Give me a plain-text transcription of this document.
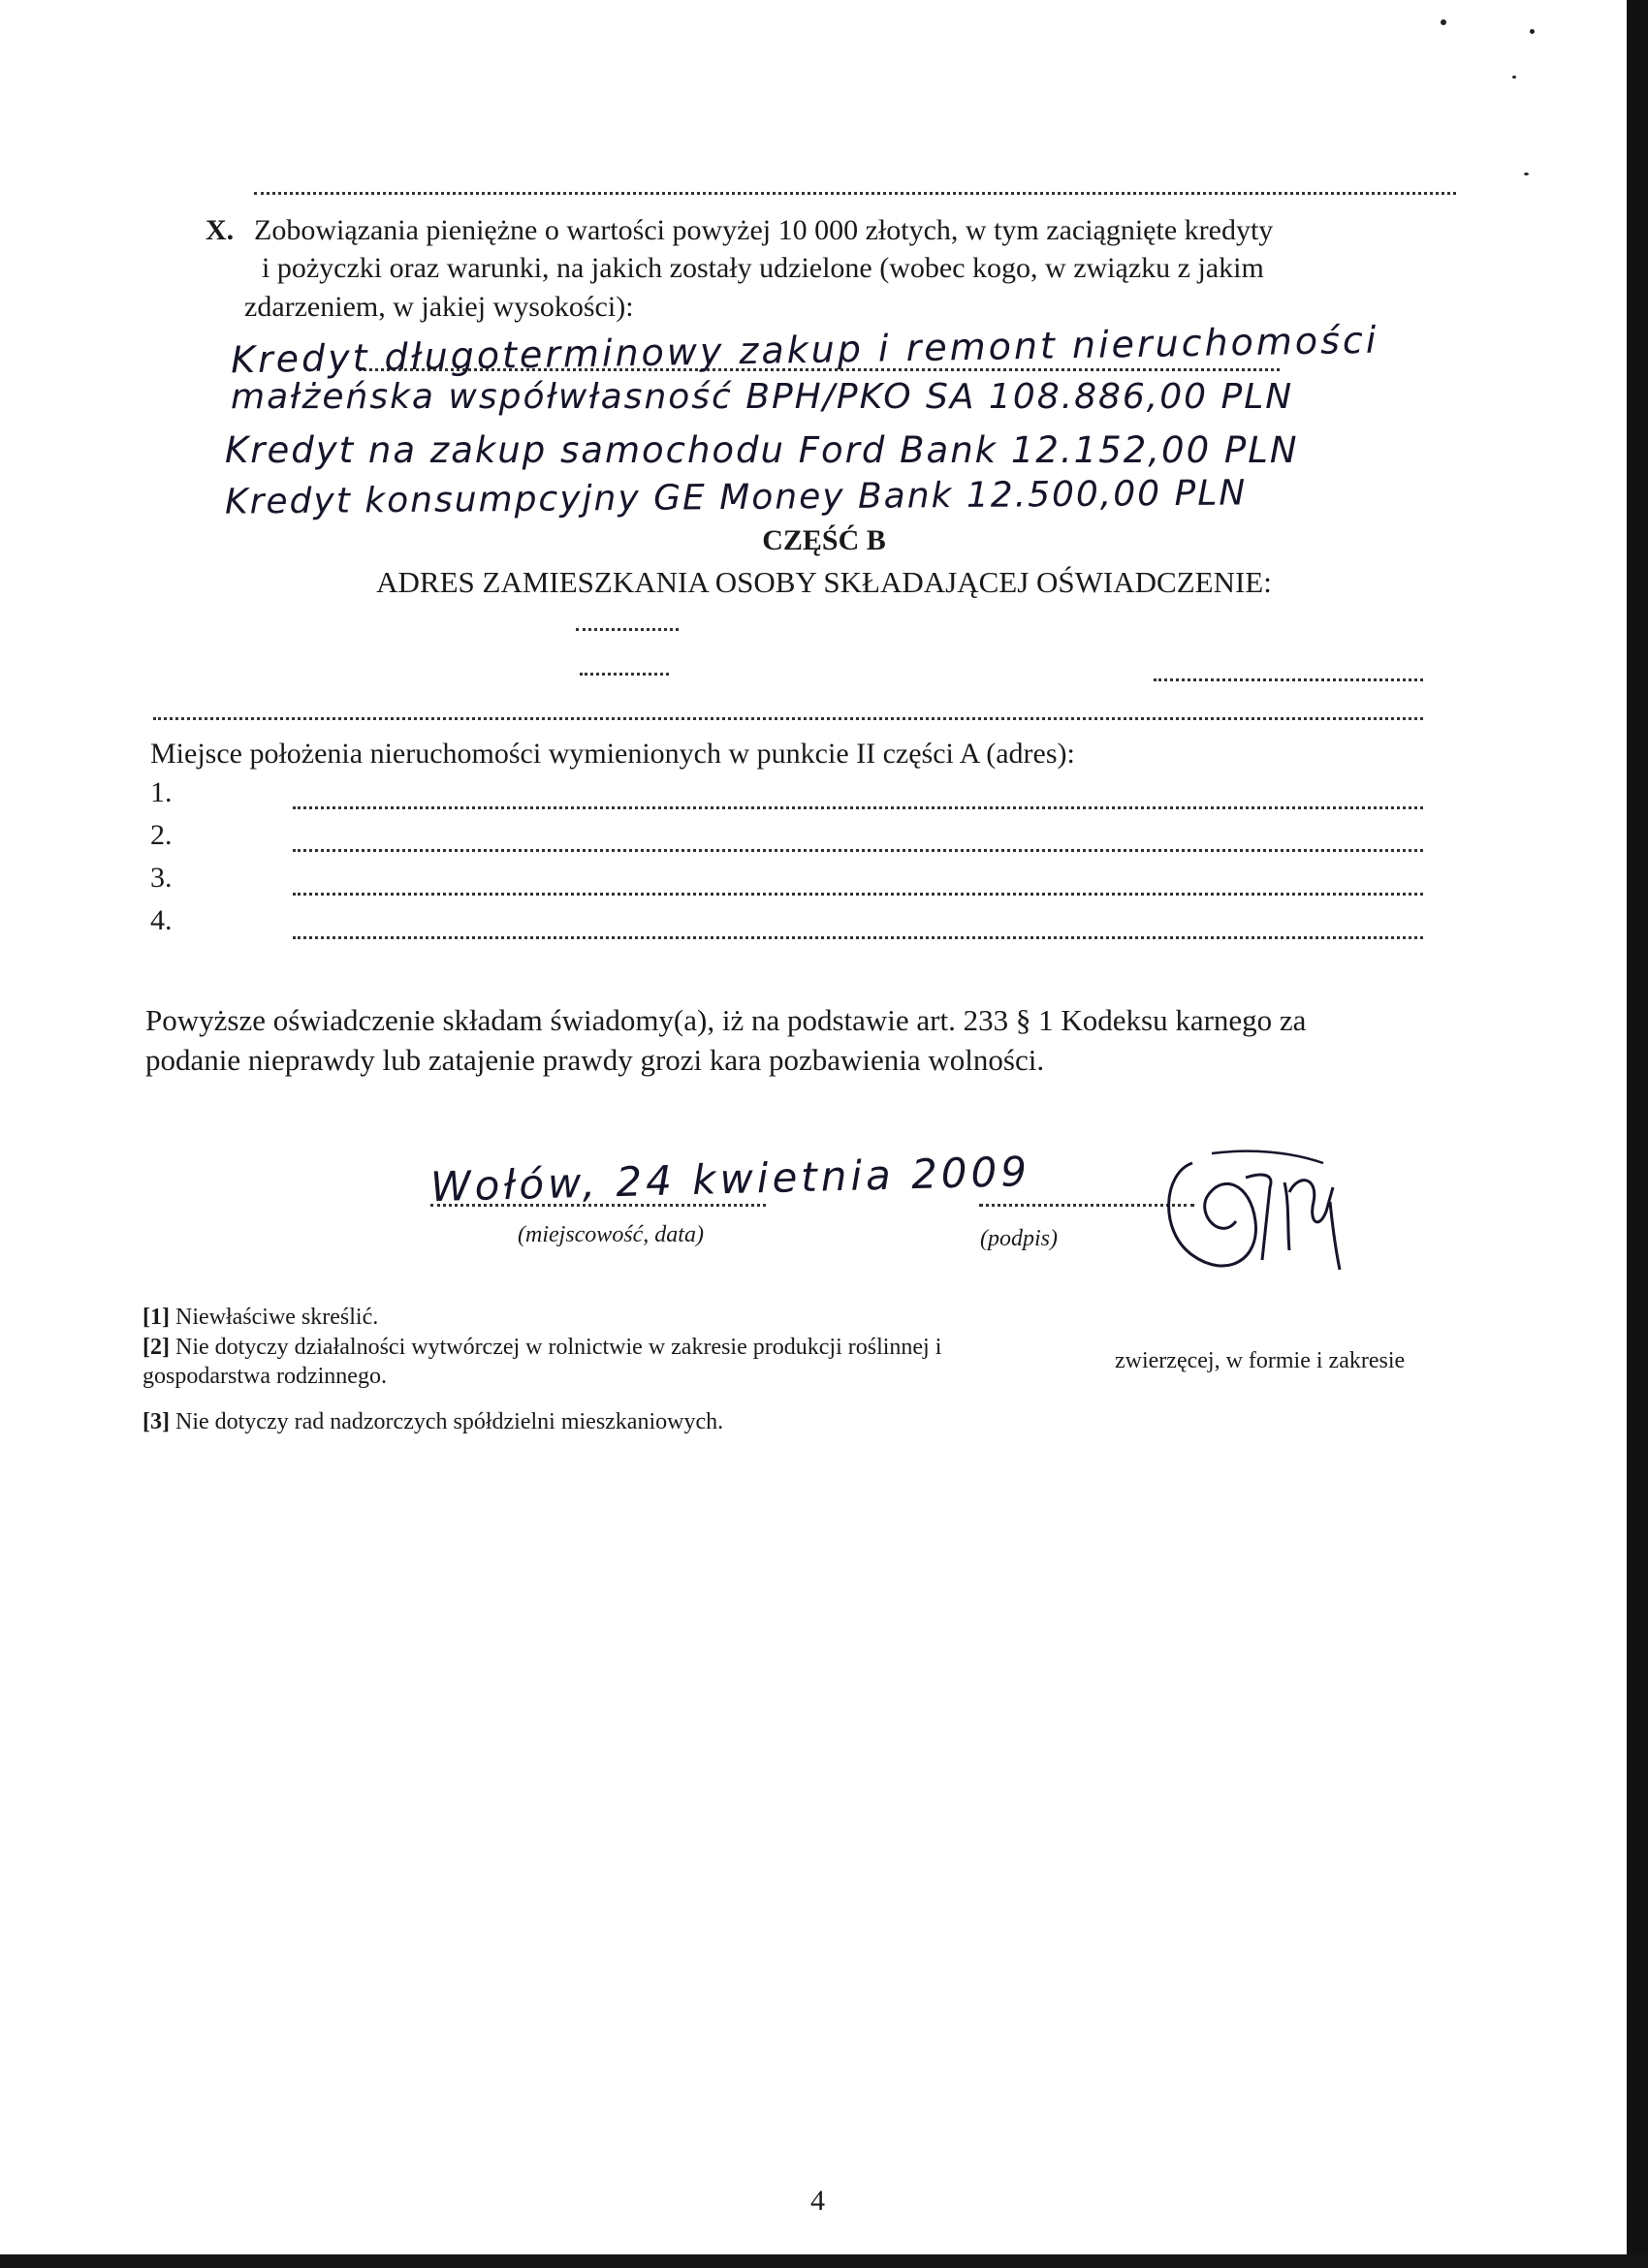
X. Zobowiązania pieniężne o wartości powyżej 10 000 złotych, w tym zaciągnięte kredyty
i pożyczki oraz warunki, na jakich zostały udzielone (wobec kogo, w związku z jakim
zdarzeniem, w jakiej wysokości):
Kredyt długoterminowy zakup i remont nieruchomości
małżeńska współwłasność BPH/PKO SA 108.886,00 PLN
Kredyt na zakup samochodu Ford Bank 12.152,00 PLN
Kredyt konsumpcyjny GE Money Bank 12.500,00 PLN
CZĘŚĆ B
ADRES ZAMIESZKANIA OSOBY SKŁADAJĄCEJ OŚWIADCZENIE:
Miejsce położenia nieruchomości wymienionych w punkcie II części A (adres):
1.
2.
3.
4.
Powyższe oświadczenie składam świadomy(a), iż na podstawie art. 233 § 1 Kodeksu karnego za
podanie nieprawdy lub zatajenie prawdy grozi kara pozbawienia wolności.
Wołów, 24 kwietnia 2009
(miejscowość, data)	(podpis)
[1] Niewłaściwe skreślić.
[2] Nie dotyczy działalności wytwórczej w rolnictwie w zakresie produkcji roślinnej i
zwierzęcej, w formie i zakresie
gospodarstwa rodzinnego.
[3] Nie dotyczy rad nadzorczych spółdzielni mieszkaniowych.
4
